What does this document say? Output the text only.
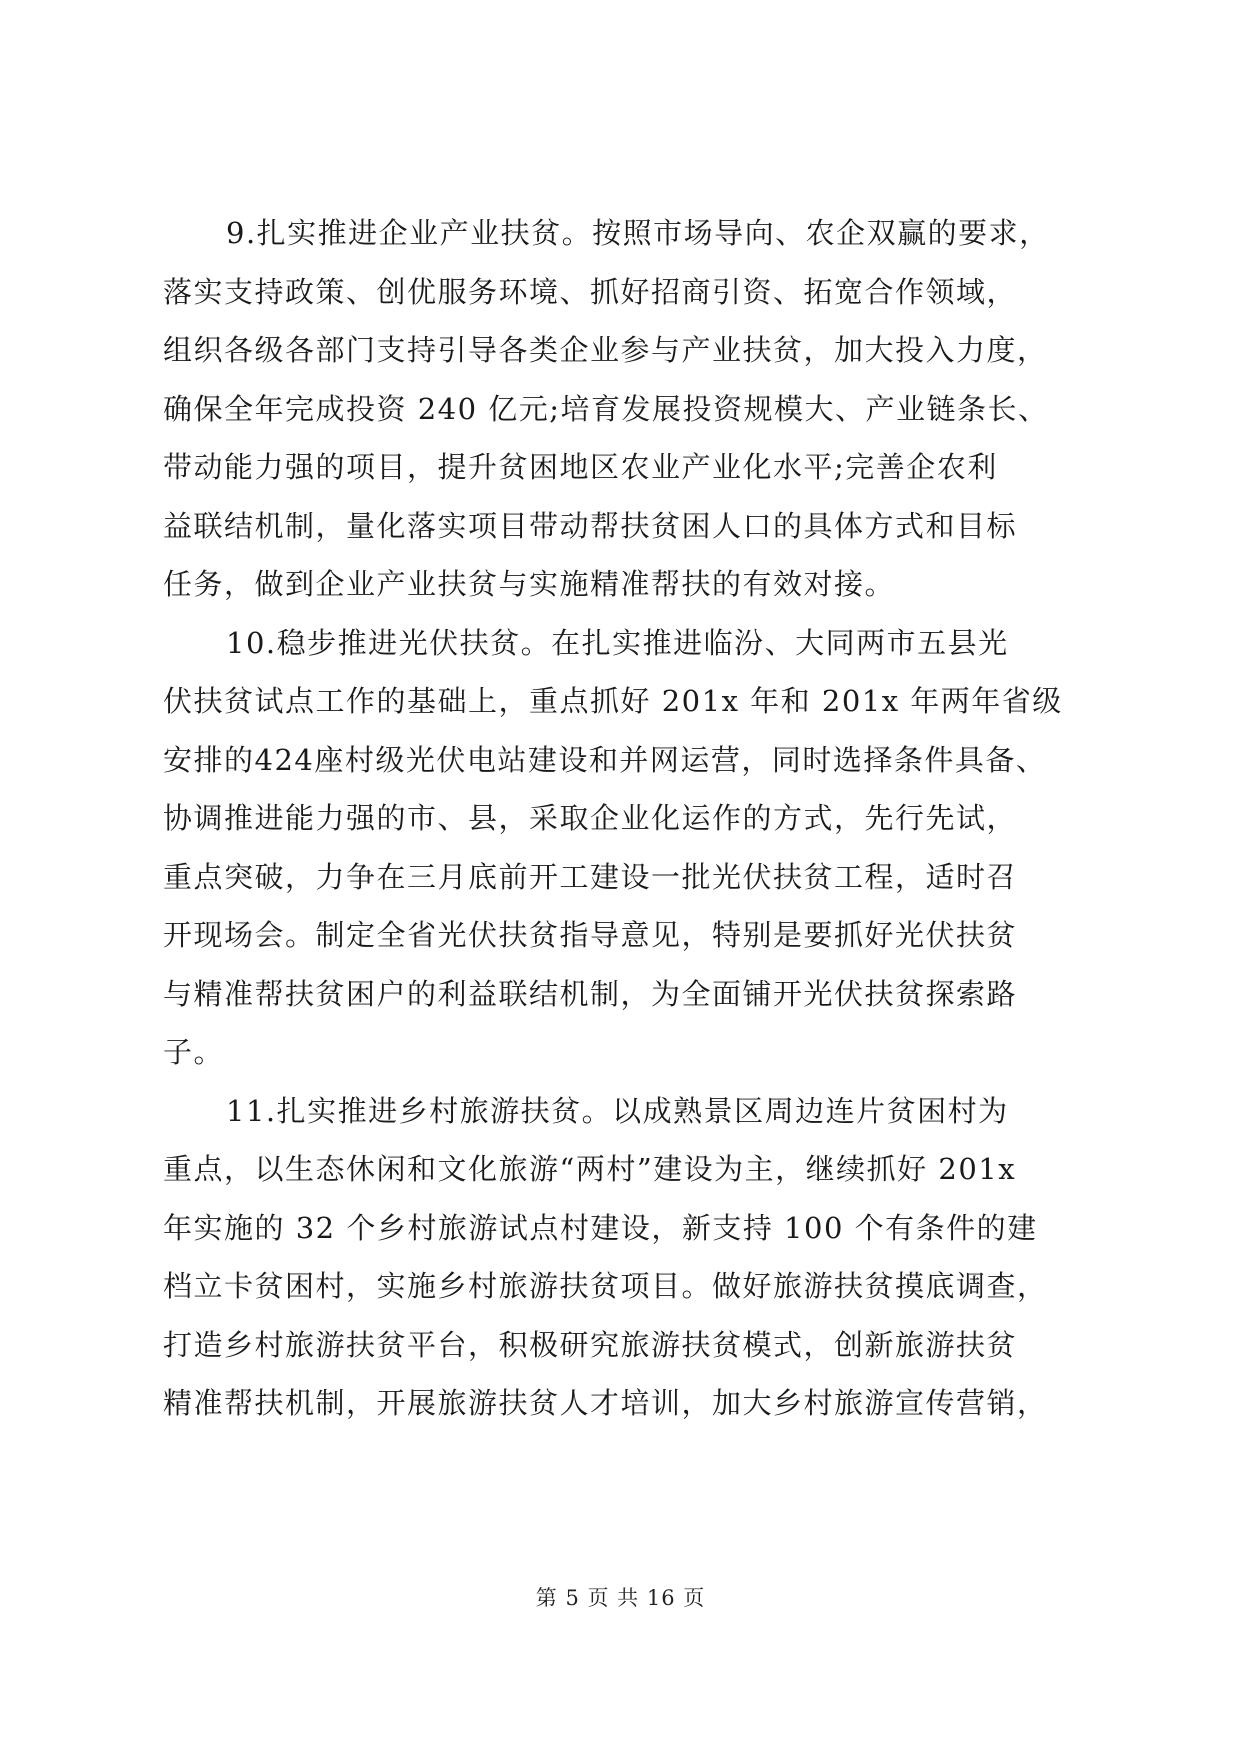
9.扎实推进企业产业扶贫。按照市场导向、农企双赢的要求，
落实支持政策、创优服务环境、抓好招商引资、拓宽合作领域，
组织各级各部门支持引导各类企业参与产业扶贫，加大投入力度，
确保全年完成投资 240 亿元;培育发展投资规模大、产业链条长、
带动能力强的项目，提升贫困地区农业产业化水平;完善企农利
益联结机制，量化落实项目带动帮扶贫困人口的具体方式和目标
任务，做到企业产业扶贫与实施精准帮扶的有效对接。
10.稳步推进光伏扶贫。在扎实推进临汾、大同两市五县光
伏扶贫试点工作的基础上，重点抓好 201x 年和 201x 年两年省级
安排的424座村级光伏电站建设和并网运营，同时选择条件具备、
协调推进能力强的市、县，采取企业化运作的方式，先行先试，
重点突破，力争在三月底前开工建设一批光伏扶贫工程，适时召
开现场会。制定全省光伏扶贫指导意见，特别是要抓好光伏扶贫
与精准帮扶贫困户的利益联结机制，为全面铺开光伏扶贫探索路
子。
11.扎实推进乡村旅游扶贫。以成熟景区周边连片贫困村为
重点，以生态休闲和文化旅游“两村”建设为主，继续抓好 201x
年实施的 32 个乡村旅游试点村建设，新支持 100 个有条件的建
档立卡贫困村，实施乡村旅游扶贫项目。做好旅游扶贫摸底调查，
打造乡村旅游扶贫平台，积极研究旅游扶贫模式，创新旅游扶贫
精准帮扶机制，开展旅游扶贫人才培训，加大乡村旅游宣传营销，
第 5 页 共 16 页
